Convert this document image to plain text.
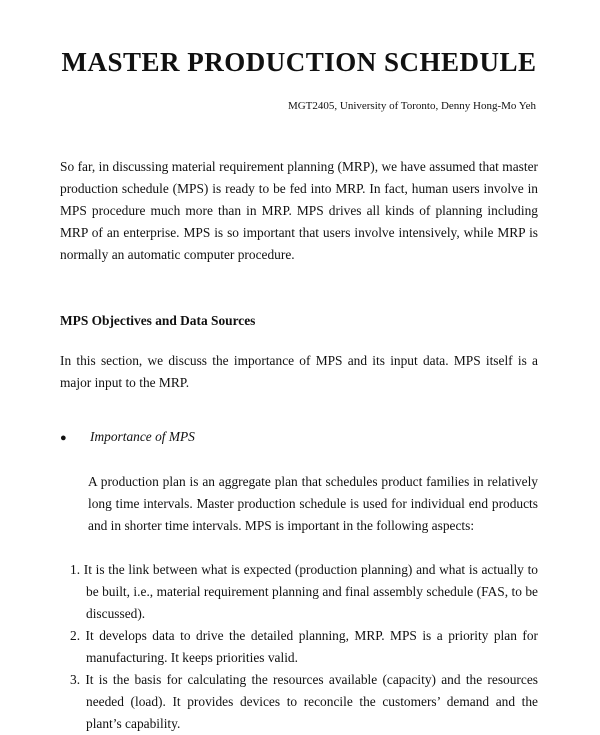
MASTER PRODUCTION SCHEDULE
MGT2405, University of Toronto, Denny Hong-Mo Yeh

So far, in discussing material requirement planning (MRP), we have assumed that master production schedule (MPS) is ready to be fed into MRP. In fact, human users involve in MPS procedure much more than in MRP. MPS drives all kinds of planning including MRP of an enterprise. MPS is so important that users involve intensively, while MRP is normally an automatic computer procedure.

MPS Objectives and Data Sources

In this section, we discuss the importance of MPS and its input data. MPS itself is a major input to the MRP.

●	Importance of MPS

A production plan is an aggregate plan that schedules product families in relatively long time intervals. Master production schedule is used for individual end products and in shorter time intervals. MPS is important in the following aspects:

1. It is the link between what is expected (production planning) and what is actually to be built, i.e., material requirement planning and final assembly schedule (FAS, to be discussed).
2. It develops data to drive the detailed planning, MRP. MPS is a priority plan for manufacturing. It keeps priorities valid.
3. It is the basis for calculating the resources available (capacity) and the resources needed (load). It provides devices to reconcile the customers’ demand and the plant’s capability.
